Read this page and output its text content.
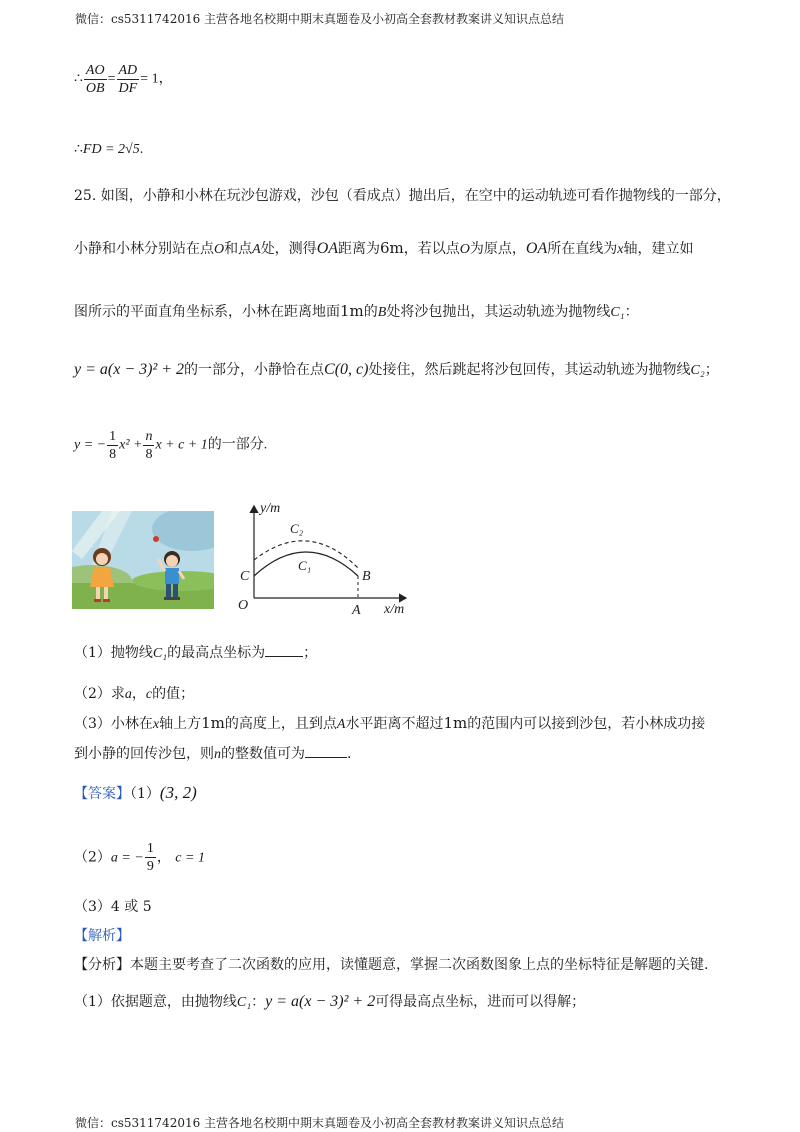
微信：cs5311742016 主营各地名校期中期末真题卷及小初高全套教材教案讲义知识点总结
∴ $\frac{AO}{OB} = \frac{AD}{DF} = 1$，
∴FD = 2√5.
25. 如图，小静和小林在玩沙包游戏，沙包（看成点）抛出后，在空中的运动轨迹可看作抛物线的一部分，
小静和小林分别站在点O和点A处，测得OA距离为6m，若以点O为原点，OA所在直线为x轴，建立如
图所示的平面直角坐标系，小林在距离地面1m的B处将沙包抛出，其运动轨迹为抛物线C₁：
y = a(x − 3)² + 2的一部分，小静恰在点C(0, c)处接住，然后跳起将沙包回传，其运动轨迹为抛物线C₂；
y = − $\frac{1}{8} x^2 + \frac{n}{8}$ x + c + 1的一部分.
y/m
x/m
C₂
C₁
C	B
O	A
（1）抛物线C₁的最高点坐标为	；
（2）求a，c的值；
（3）小林在x轴上方1m的高度上，且到点A水平距离不超过1m的范围内可以接到沙包，若小林成功接
到小静的回传沙包，则n的整数值可为	.
【答案】（1）(3, 2)
（2）a = − $\frac{1}{9}$ ， c = 1
（3）4 或 5
【解析】
【分析】本题主要考查了二次函数的应用，读懂题意，掌握二次函数图象上点的坐标特征是解题的关键.
（1）依据题意，由抛物线C₁：y = a(x − 3)² + 2可得最高点坐标，进而可以得解；
微信：cs5311742016 主营各地名校期中期末真题卷及小初高全套教材教案讲义知识点总结
